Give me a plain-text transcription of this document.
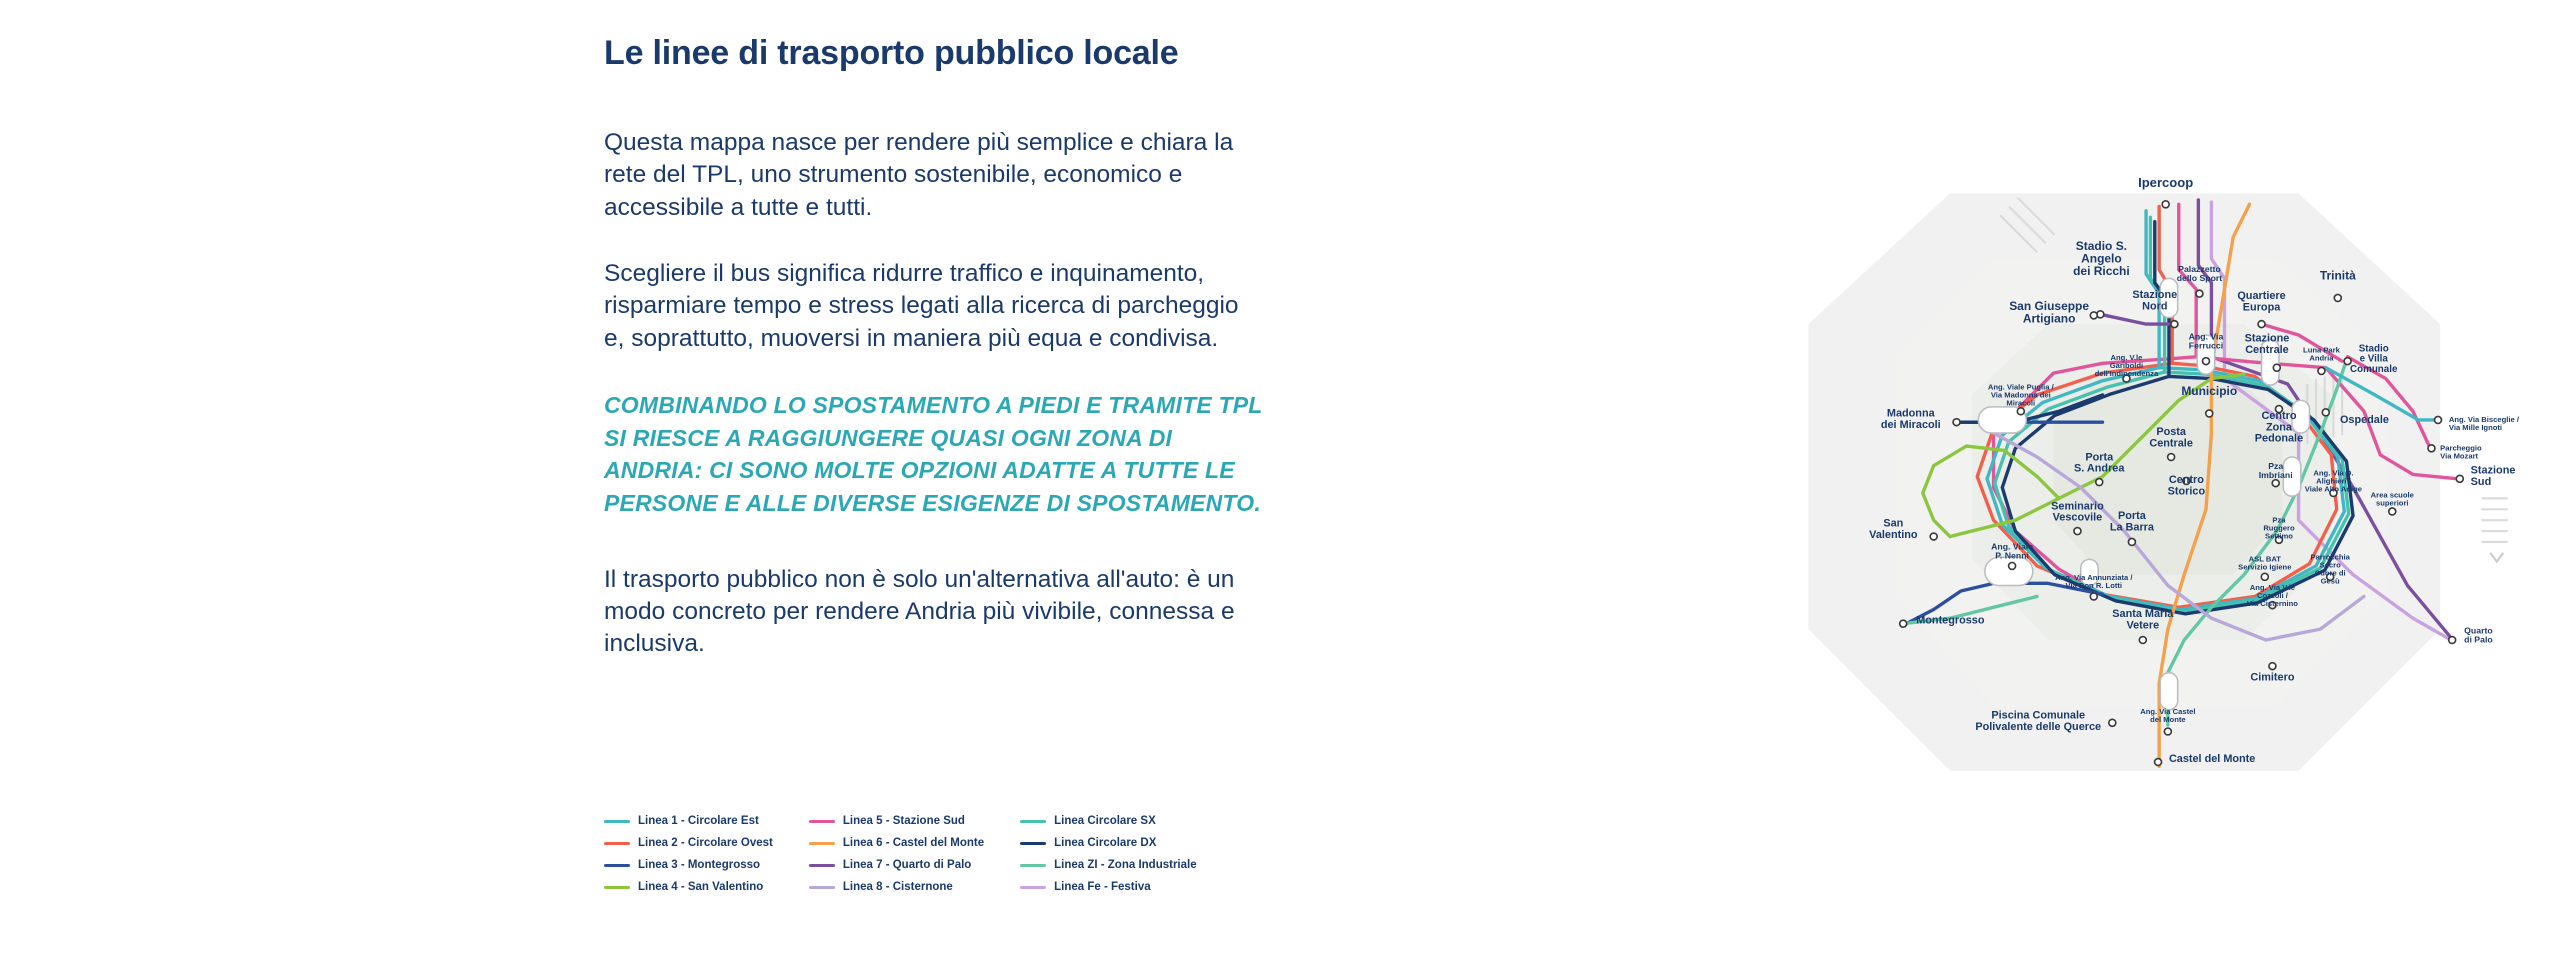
Le linee di trasporto pubblico locale

Questa mappa nasce per rendere più semplice e chiara la rete del TPL, uno strumento sostenibile, economico e accessibile a tutte e tutti.

Scegliere il bus significa ridurre traffico e inquinamento, risparmiare tempo e stress legati alla ricerca di parcheggio e, soprattutto, muoversi in maniera più equa e condivisa.

COMBINANDO LO SPOSTAMENTO A PIEDI E TRAMITE TPL SI RIESCE A RAGGIUNGERE QUASI OGNI ZONA DI ANDRIA: CI SONO MOLTE OPZIONI ADATTE A TUTTE LE PERSONE E ALLE DIVERSE ESIGENZE DI SPOSTAMENTO.

Il trasporto pubblico non è solo un'alternativa all'auto: è un modo concreto per rendere Andria più vivibile, connessa e inclusiva.

Linea 1 - Circolare Est
Linea 2 - Circolare Ovest
Linea 3 - Montegrosso
Linea 4 - San Valentino
Linea 5 - Stazione Sud
Linea 6 - Castel del Monte
Linea 7 - Quarto di Palo
Linea 8 - Cisternone
Linea Circolare SX
Linea Circolare DX
Linea ZI - Zona Industriale
Linea Fe - Festiva
Ipercoop
Stadio S. Angelo dei Ricchi	Palazzetto dello Sport	Trinità
San Giuseppe Artigiano
Stazione Nord
Quartiere Europa
Ang. Via Ferrucci
Stazione Centrale	Stadio e Villa Comunale
Luna Park Andria
Ang. V.le Gariboldi dell'Indipendenza
Municipio
Ang. Viale Puglia / Via Madonna dei Miracoli
Ospedale	Ang. Via Bisceglie / Via Mille Ignoti
Centro Zona Pedonale
Posta Centrale
Madonna dei Miracoli
Parcheggio Via Mozart
Pza Imbriani
Porta S. Andrea	Stazione Sud
Ang. Via D. Alighieri / Viale Alto Adige
Centro Storico	Area scuole superiori
Seminario Vescovile	Porta La Barra
Pza Ruggero Settimo
San Valentino
ASL BAT Servizio Igiene
Parrocchia Sacro Cuore di Gesù
Ang. Viale P. Nenni
Ang. Via Annunziata / Via Don R. Lotti	Ang. Via V.le Cozzoli / Via Cisternino
Santa Maria Vetere
Montegrosso
Quarto di Palo
Cimitero
Ang. Via Castel del Monte
Piscina Comunale Polivalente delle Querce
Castel del Monte
